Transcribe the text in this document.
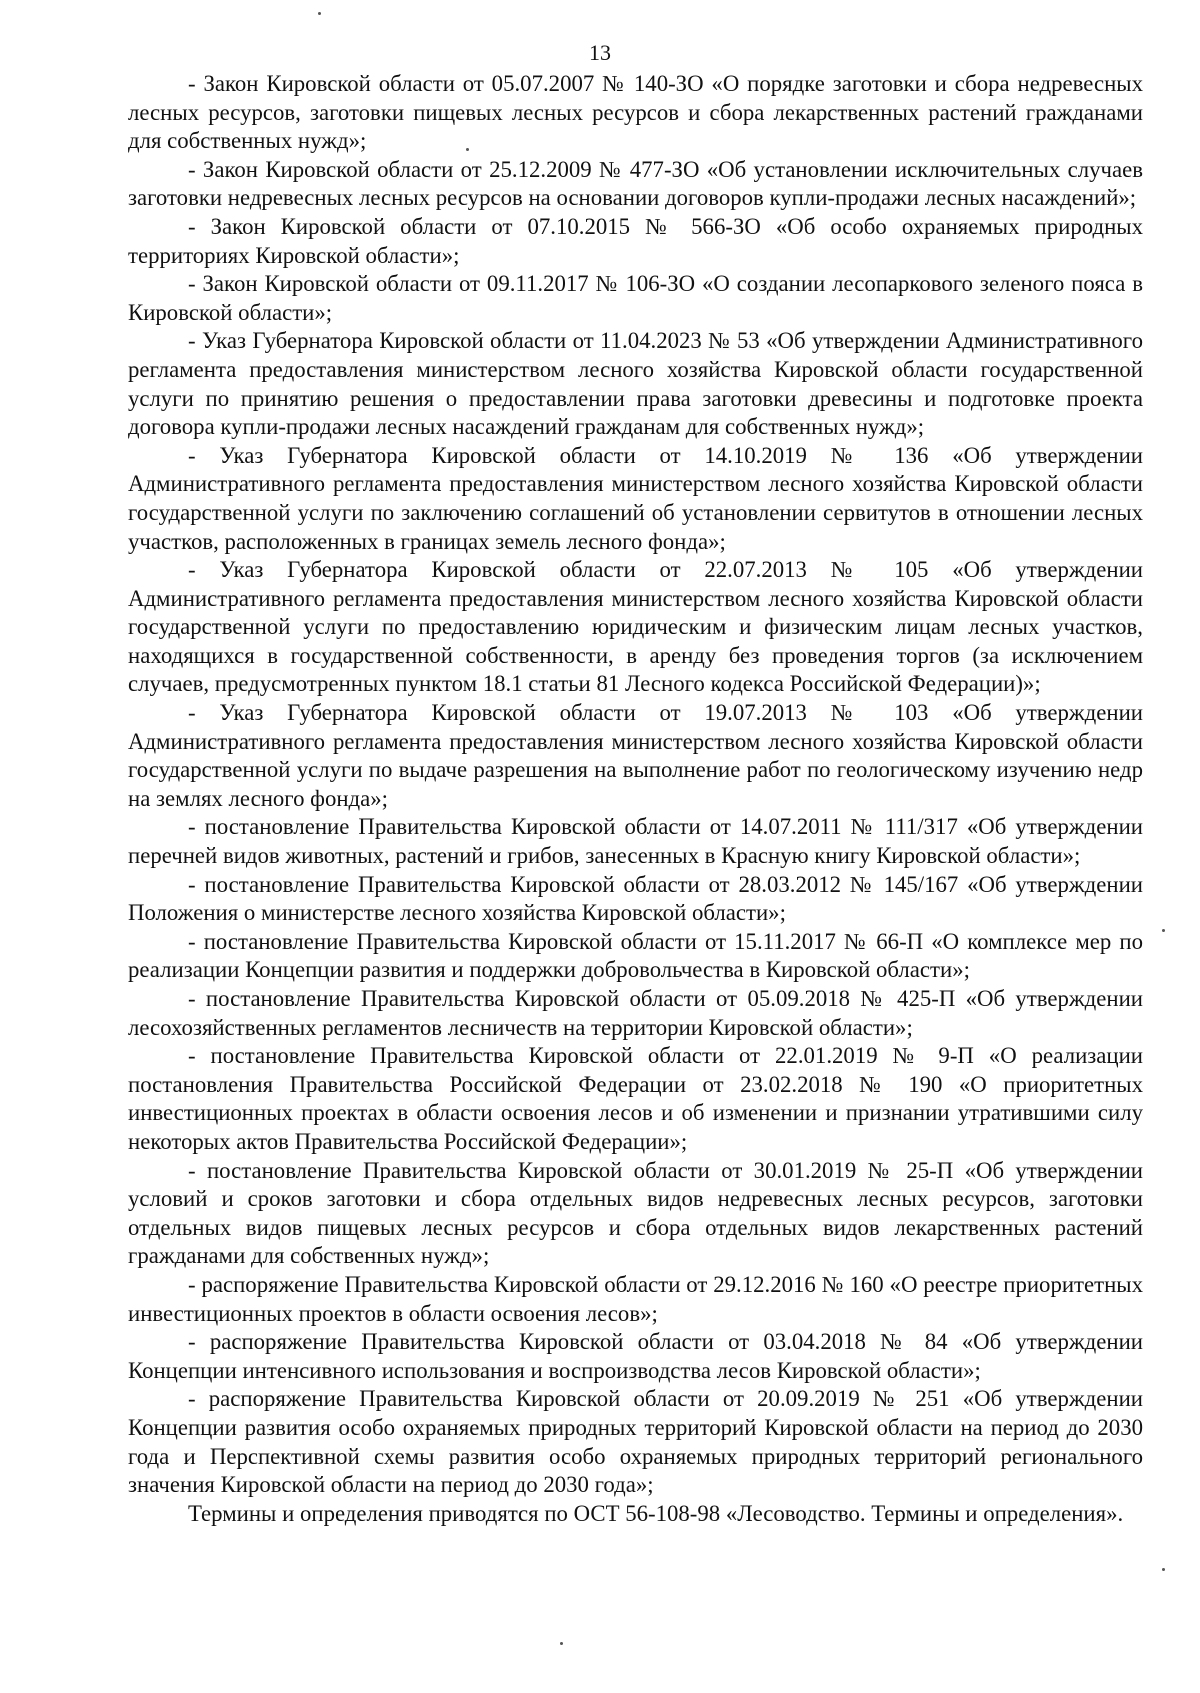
13

- Закон Кировской области от 05.07.2007 № 140-ЗО «О порядке заготовки и сбора недревесных лесных ресурсов, заготовки пищевых лесных ресурсов и сбора лекарственных растений гражданами для собственных нужд»;

- Закон Кировской области от 25.12.2009 № 477-ЗО «Об установлении исключительных случаев заготовки недревесных лесных ресурсов на основании договоров купли-продажи лесных насаждений»;

- Закон Кировской области от 07.10.2015 № 566-ЗО «Об особо охраняемых природных территориях Кировской области»;

- Закон Кировской области от 09.11.2017 № 106-ЗО «О создании лесопаркового зеленого пояса в Кировской области»;

- Указ Губернатора Кировской области от 11.04.2023 № 53 «Об утверждении Административного регламента предоставления министерством лесного хозяйства Кировской области государственной услуги по принятию решения о предоставлении права заготовки древесины и подготовке проекта договора купли-продажи лесных насаждений гражданам для собственных нужд»;

- Указ Губернатора Кировской области от 14.10.2019 № 136 «Об утверждении Административного регламента предоставления министерством лесного хозяйства Кировской области государственной услуги по заключению соглашений об установлении сервитутов в отношении лесных участков, расположенных в границах земель лесного фонда»;

- Указ Губернатора Кировской области от 22.07.2013 № 105 «Об утверждении Административного регламента предоставления министерством лесного хозяйства Кировской области государственной услуги по предоставлению юридическим и физическим лицам лесных участков, находящихся в государственной собственности, в аренду без проведения торгов (за исключением случаев, предусмотренных пунктом 18.1 статьи 81 Лесного кодекса Российской Федерации)»;

- Указ Губернатора Кировской области от 19.07.2013 № 103 «Об утверждении Административного регламента предоставления министерством лесного хозяйства Кировской области государственной услуги по выдаче разрешения на выполнение работ по геологическому изучению недр на землях лесного фонда»;

- постановление Правительства Кировской области от 14.07.2011 № 111/317 «Об утверждении перечней видов животных, растений и грибов, занесенных в Красную книгу Кировской области»;

- постановление Правительства Кировской области от 28.03.2012 № 145/167 «Об утверждении Положения о министерстве лесного хозяйства Кировской области»;

- постановление Правительства Кировской области от 15.11.2017 № 66-П «О комплексе мер по реализации Концепции развития и поддержки добровольчества в Кировской области»;

- постановление Правительства Кировской области от 05.09.2018 № 425-П «Об утверждении лесохозяйственных регламентов лесничеств на территории Кировской области»;

- постановление Правительства Кировской области от 22.01.2019 № 9-П «О реализации постановления Правительства Российской Федерации от 23.02.2018 № 190 «О приоритетных инвестиционных проектах в области освоения лесов и об изменении и признании утратившими силу некоторых актов Правительства Российской Федерации»;

- постановление Правительства Кировской области от 30.01.2019 № 25-П «Об утверждении условий и сроков заготовки и сбора отдельных видов недревесных лесных ресурсов, заготовки отдельных видов пищевых лесных ресурсов и сбора отдельных видов лекарственных растений гражданами для собственных нужд»;

- распоряжение Правительства Кировской области от 29.12.2016 № 160 «О реестре приоритетных инвестиционных проектов в области освоения лесов»;

- распоряжение Правительства Кировской области от 03.04.2018 № 84 «Об утверждении Концепции интенсивного использования и воспроизводства лесов Кировской области»;

- распоряжение Правительства Кировской области от 20.09.2019 № 251 «Об утверждении Концепции развития особо охраняемых природных территорий Кировской области на период до 2030 года и Перспективной схемы развития особо охраняемых природных территорий регионального значения Кировской области на период до 2030 года»;

Термины и определения приводятся по ОСТ 56-108-98 «Лесоводство. Термины и определения».
